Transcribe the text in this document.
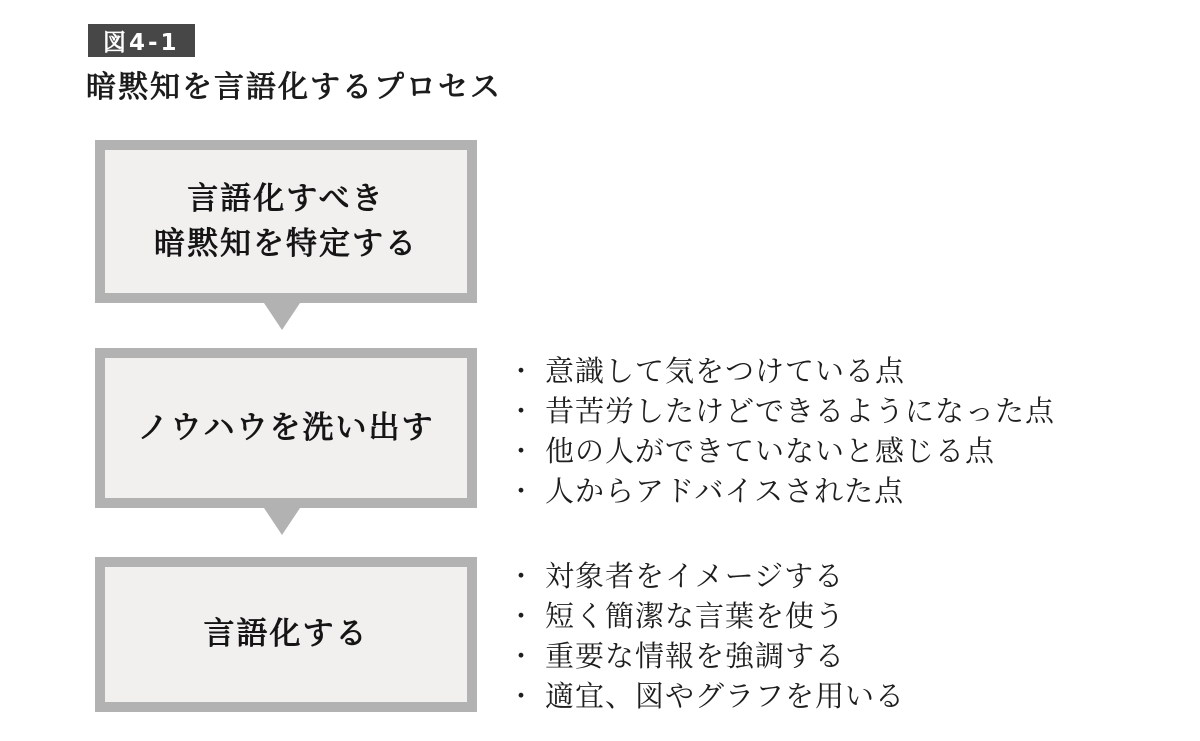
図4-1
暗黙知を言語化するプロセス
言語化すべき
暗黙知を特定する
ノウハウを洗い出す
言語化する
・ 意識して気をつけている点
・ 昔苦労したけどできるようになった点
・ 他の人ができていないと感じる点
・ 人からアドバイスされた点
・ 対象者をイメージする
・ 短く簡潔な言葉を使う
・ 重要な情報を強調する
・ 適宜、図やグラフを用いる
